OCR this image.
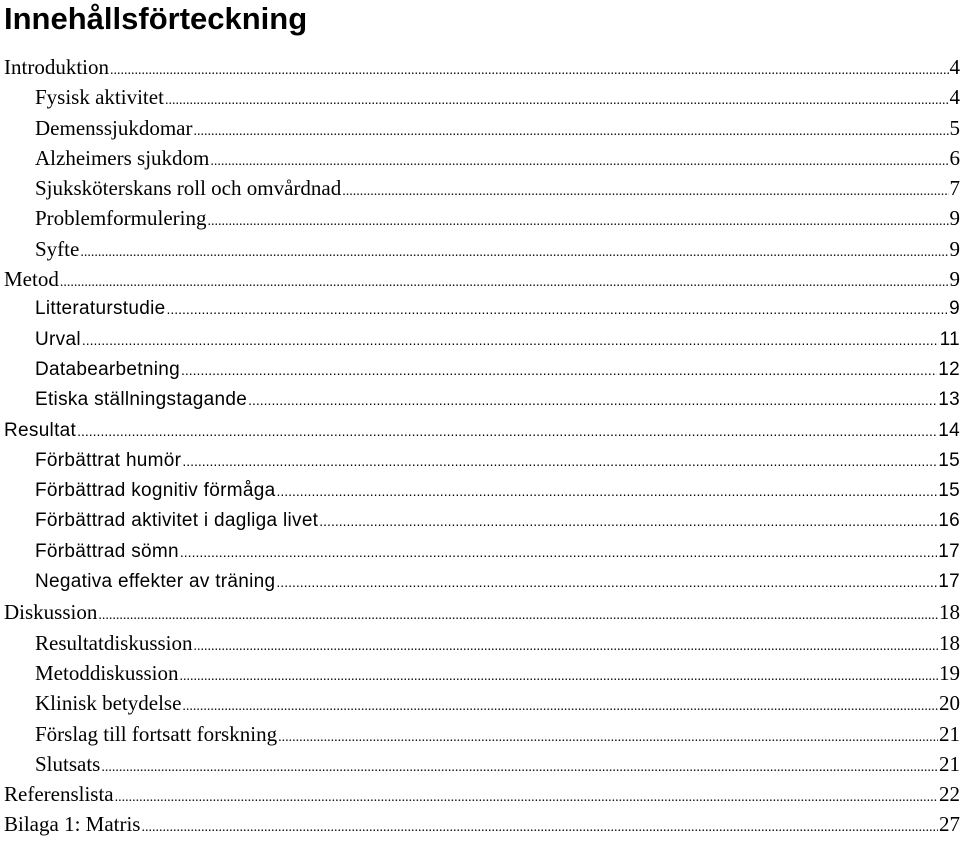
Innehållsförteckning
Introduktion .....	4
Fysisk aktivitet .....	4
Demenssjukdomar .....	5
Alzheimers sjukdom .....	6
Sjuksköterskans roll och omvårdnad .....	7
Problemformulering .....	9
Syfte .....	9
Metod .....	9
Litteraturstudie .....	9
Urval .....	11
Databearbetning .....	12
Etiska ställningstagande .....	13
Resultat .....	14
Förbättrat humör .....	15
Förbättrad kognitiv förmåga .....	15
Förbättrad aktivitet i dagliga livet .....	16
Förbättrad sömn .....	17
Negativa effekter av träning .....	17
Diskussion .....	18
Resultatdiskussion .....	18
Metoddiskussion .....	19
Klinisk betydelse .....	20
Förslag till fortsatt forskning .....	21
Slutsats .....	21
Referenslista .....	22
Bilaga 1: Matris .....	27
